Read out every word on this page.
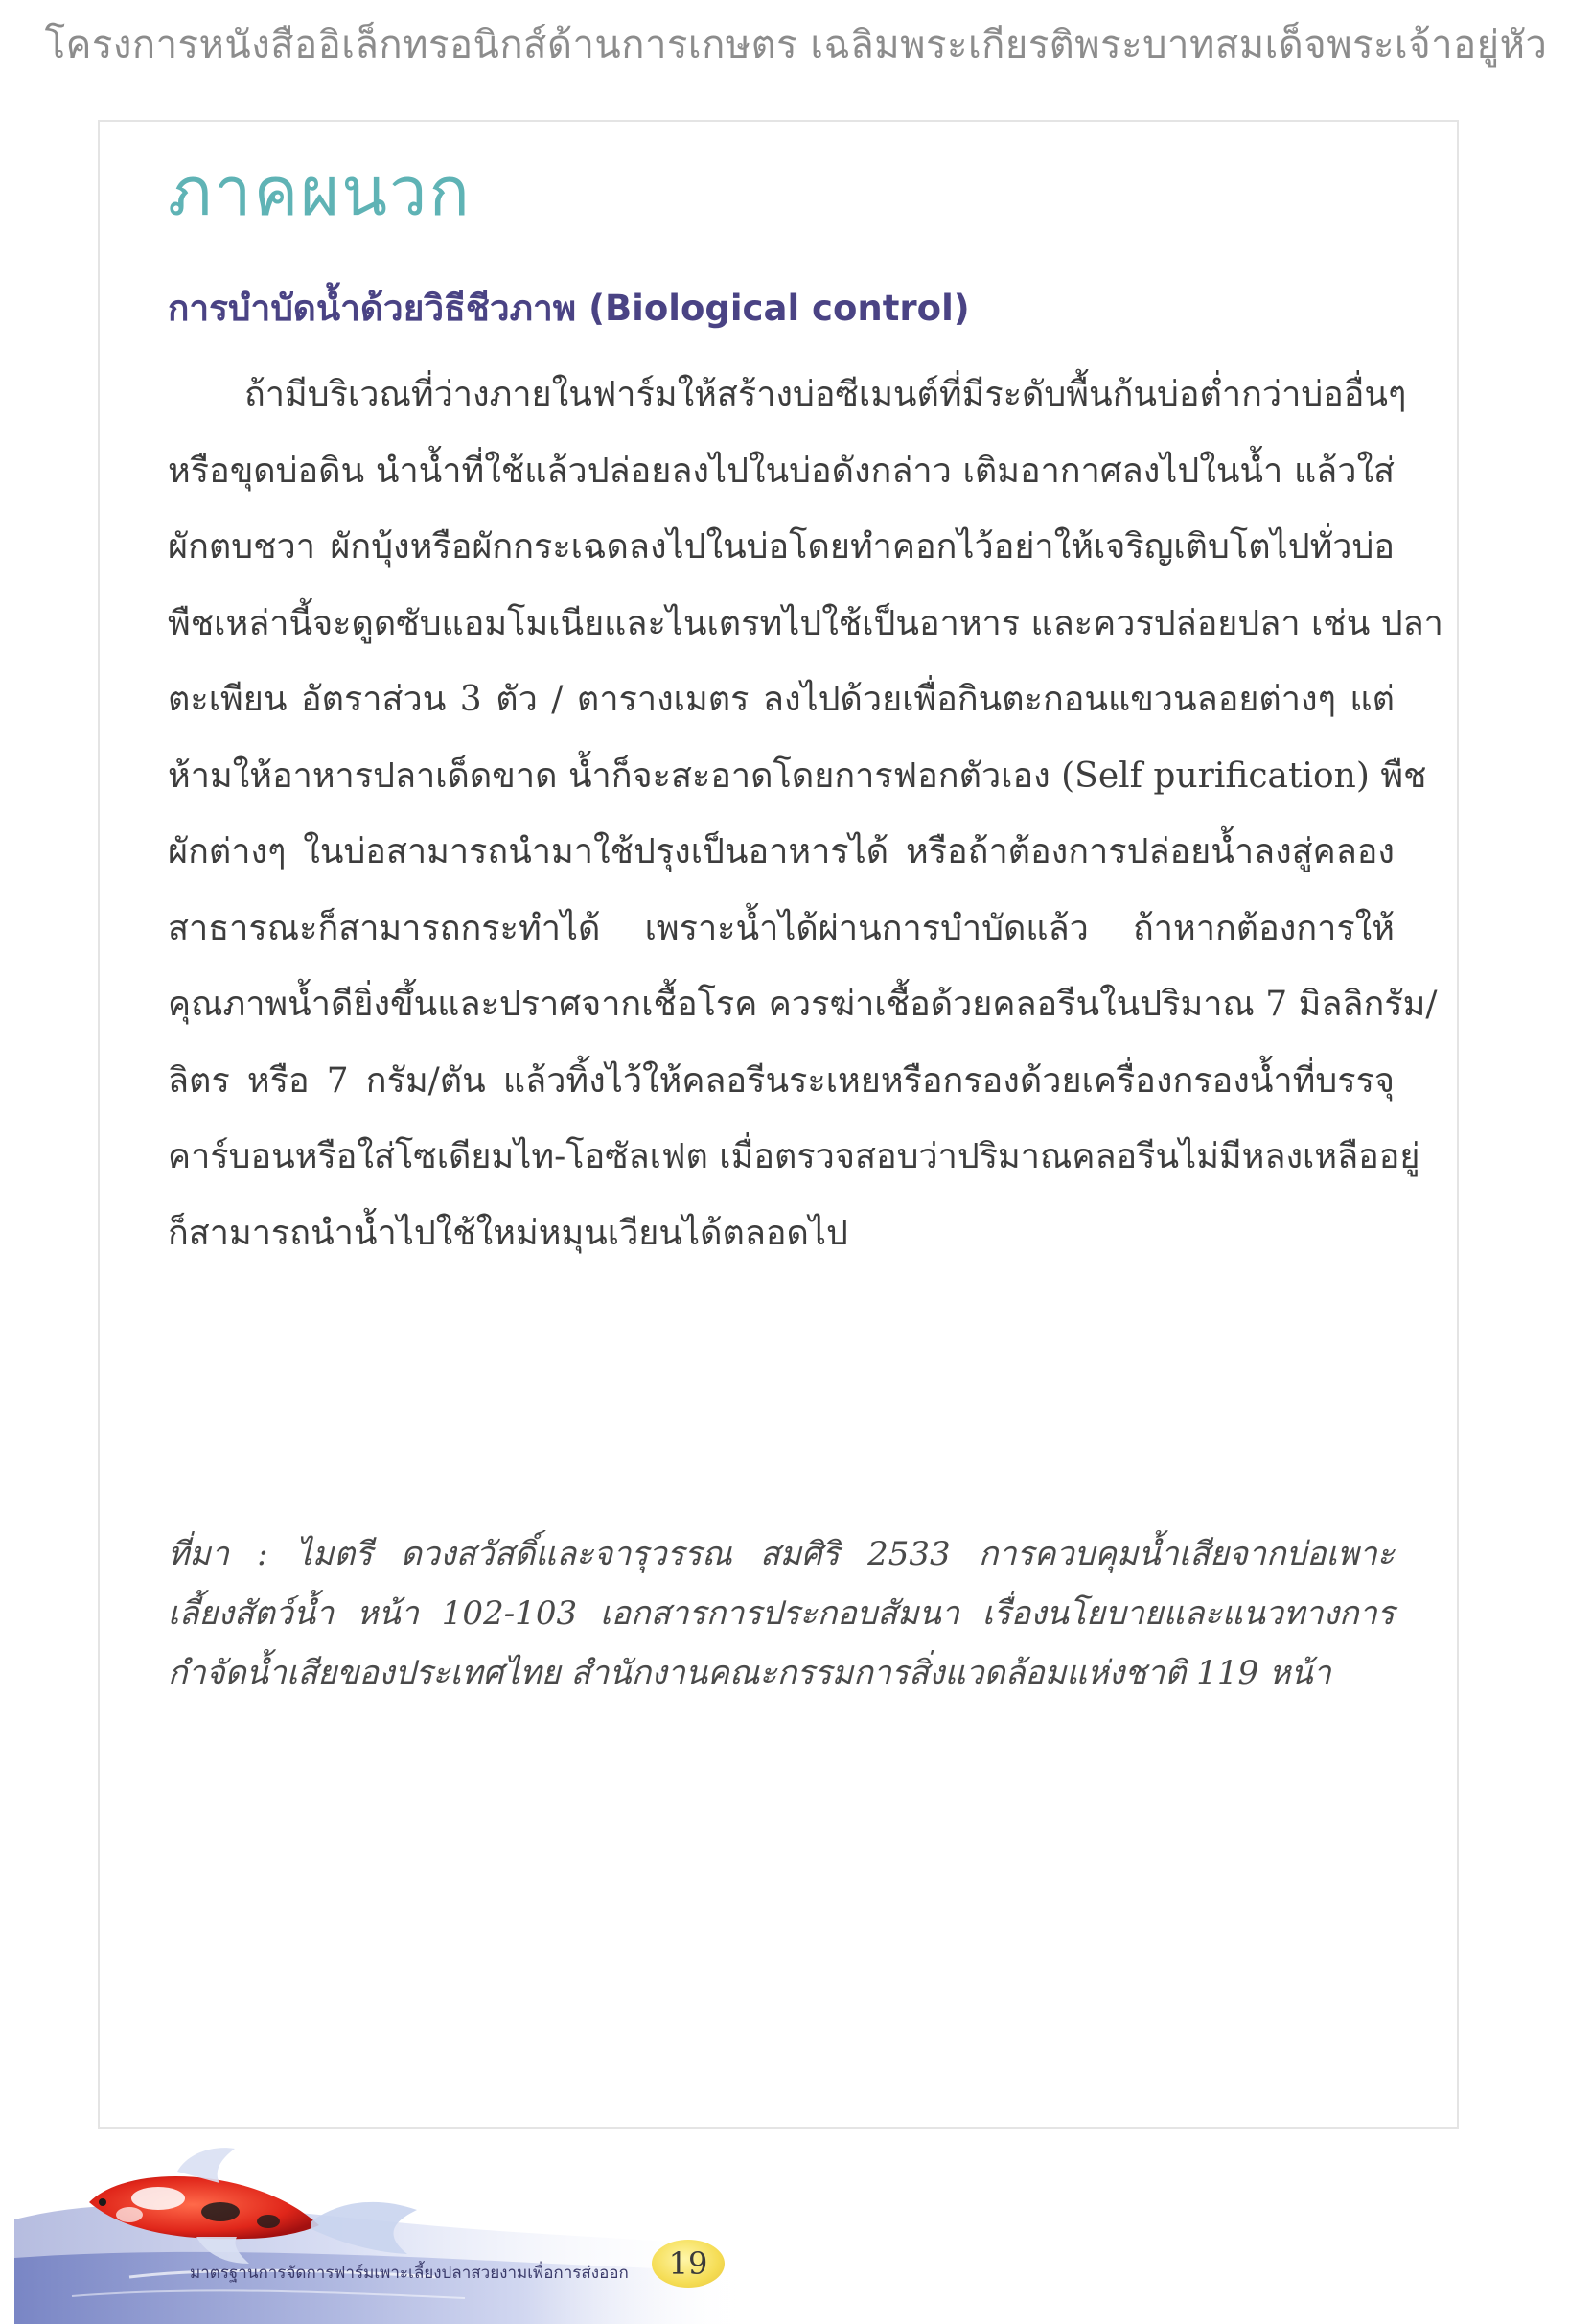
โครงการหนังสืออิเล็กทรอนิกส์ด้านการเกษตร เฉลิมพระเกียรติพระบาทสมเด็จพระเจ้าอยู่หัว
ภาคผนวก
การบำบัดน้ำด้วยวิธีชีวภาพ (Biological control)
ถ้ามีบริเวณที่ว่างภายในฟาร์มให้สร้างบ่อซีเมนต์ที่มีระดับพื้นก้นบ่อต่ำกว่าบ่ออื่นๆ
หรือขุดบ่อดิน นำน้ำที่ใช้แล้วปล่อยลงไปในบ่อดังกล่าว เติมอากาศลงไปในน้ำ แล้วใส่
ผักตบชวา ผักบุ้งหรือผักกระเฉดลงไปในบ่อโดยทำคอกไว้อย่าให้เจริญเติบโตไปทั่วบ่อ
พืชเหล่านี้จะดูดซับแอมโมเนียและไนเตรทไปใช้เป็นอาหาร และควรปล่อยปลา เช่น ปลา
ตะเพียน อัตราส่วน 3 ตัว / ตารางเมตร ลงไปด้วยเพื่อกินตะกอนแขวนลอยต่างๆ แต่
ห้ามให้อาหารปลาเด็ดขาด น้ำก็จะสะอาดโดยการฟอกตัวเอง (Self purification) พืช
ผักต่างๆ ในบ่อสามารถนำมาใช้ปรุงเป็นอาหารได้ หรือถ้าต้องการปล่อยน้ำลงสู่คลอง
สาธารณะก็สามารถกระทำได้ เพราะน้ำได้ผ่านการบำบัดแล้ว ถ้าหากต้องการให้
คุณภาพน้ำดียิ่งขึ้นและปราศจากเชื้อโรค ควรฆ่าเชื้อด้วยคลอรีนในปริมาณ 7 มิลลิกรัม/
ลิตร หรือ 7 กรัม/ตัน แล้วทิ้งไว้ให้คลอรีนระเหยหรือกรองด้วยเครื่องกรองน้ำที่บรรจุ
คาร์บอนหรือใส่โซเดียมไท-โอซัลเฟต เมื่อตรวจสอบว่าปริมาณคลอรีนไม่มีหลงเหลืออยู่
ก็สามารถนำน้ำไปใช้ใหม่หมุนเวียนได้ตลอดไป
ที่มา : ไมตรี ดวงสวัสดิ์และจารุวรรณ สมศิริ 2533 การควบคุมน้ำเสียจากบ่อเพาะ
เลี้ยงสัตว์น้ำ หน้า 102-103 เอกสารการประกอบสัมนา เรื่องนโยบายและแนวทางการ
กำจัดน้ำเสียของประเทศไทย สำนักงานคณะกรรมการสิ่งแวดล้อมแห่งชาติ 119 หน้า
มาตรฐานการจัดการฟาร์มเพาะเลี้ยงปลาสวยงามเพื่อการส่งออก 19
